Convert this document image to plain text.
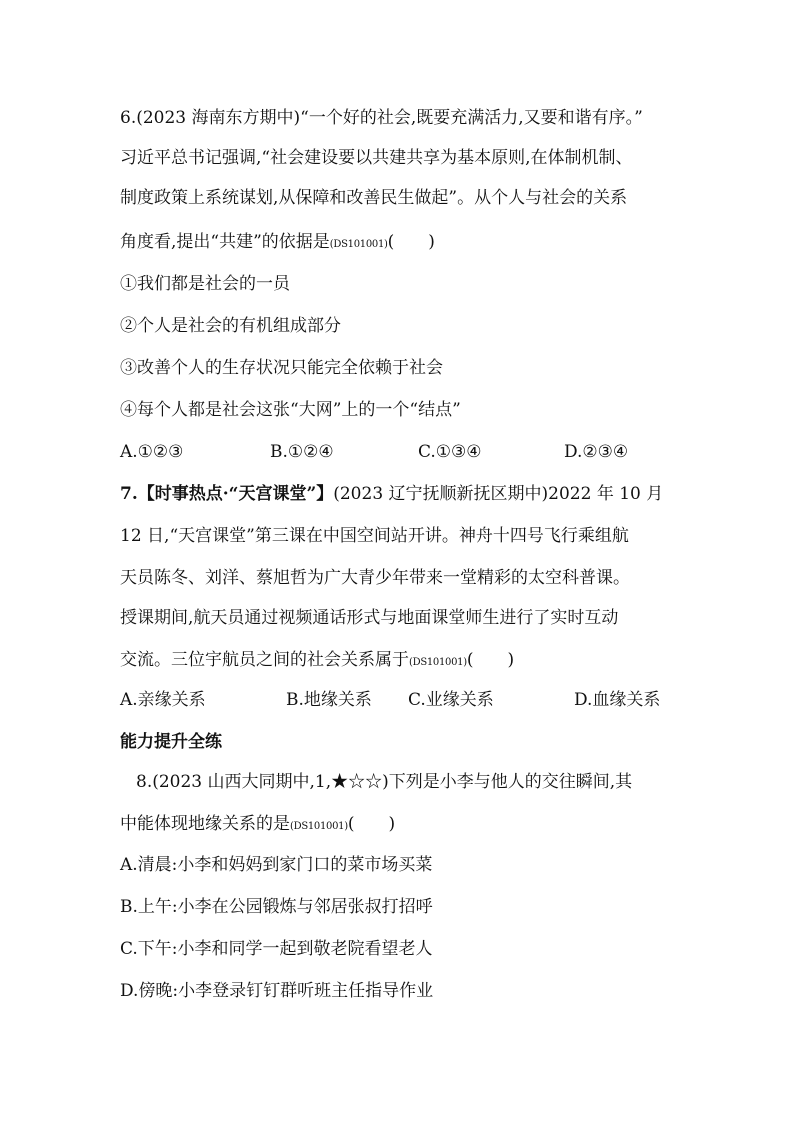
6.(2023 海南东方期中)“一个好的社会,既要充满活力,又要和谐有序。”
习近平总书记强调,“社会建设要以共建共享为基本原则,在体制机制、
制度政策上系统谋划,从保障和改善民生做起”。从个人与社会的关系
角度看,提出“共建”的依据是(DS101001)(　　)
①我们都是社会的一员
②个人是社会的有机组成部分
③改善个人的生存状况只能完全依赖于社会
④每个人都是社会这张“大网”上的一个“结点”
A.①②③	B.①②④	C.①③④	D.②③④
7.【时事热点·“天宫课堂”】(2023 辽宁抚顺新抚区期中)2022 年 10 月
12 日,“天宫课堂”第三课在中国空间站开讲。神舟十四号飞行乘组航
天员陈冬、刘洋、蔡旭哲为广大青少年带来一堂精彩的太空科普课。
授课期间,航天员通过视频通话形式与地面课堂师生进行了实时互动
交流。三位宇航员之间的社会关系属于(DS101001)(　　)
A.亲缘关系	B.地缘关系 C.业缘关系	D.血缘关系
能力提升全练
8.(2023 山西大同期中,1,★☆☆)下列是小李与他人的交往瞬间,其
中能体现地缘关系的是(DS101001)(　　)
A.清晨:小李和妈妈到家门口的菜市场买菜
B.上午:小李在公园锻炼与邻居张叔打招呼
C.下午:小李和同学一起到敬老院看望老人
D.傍晚:小李登录钉钉群听班主任指导作业
